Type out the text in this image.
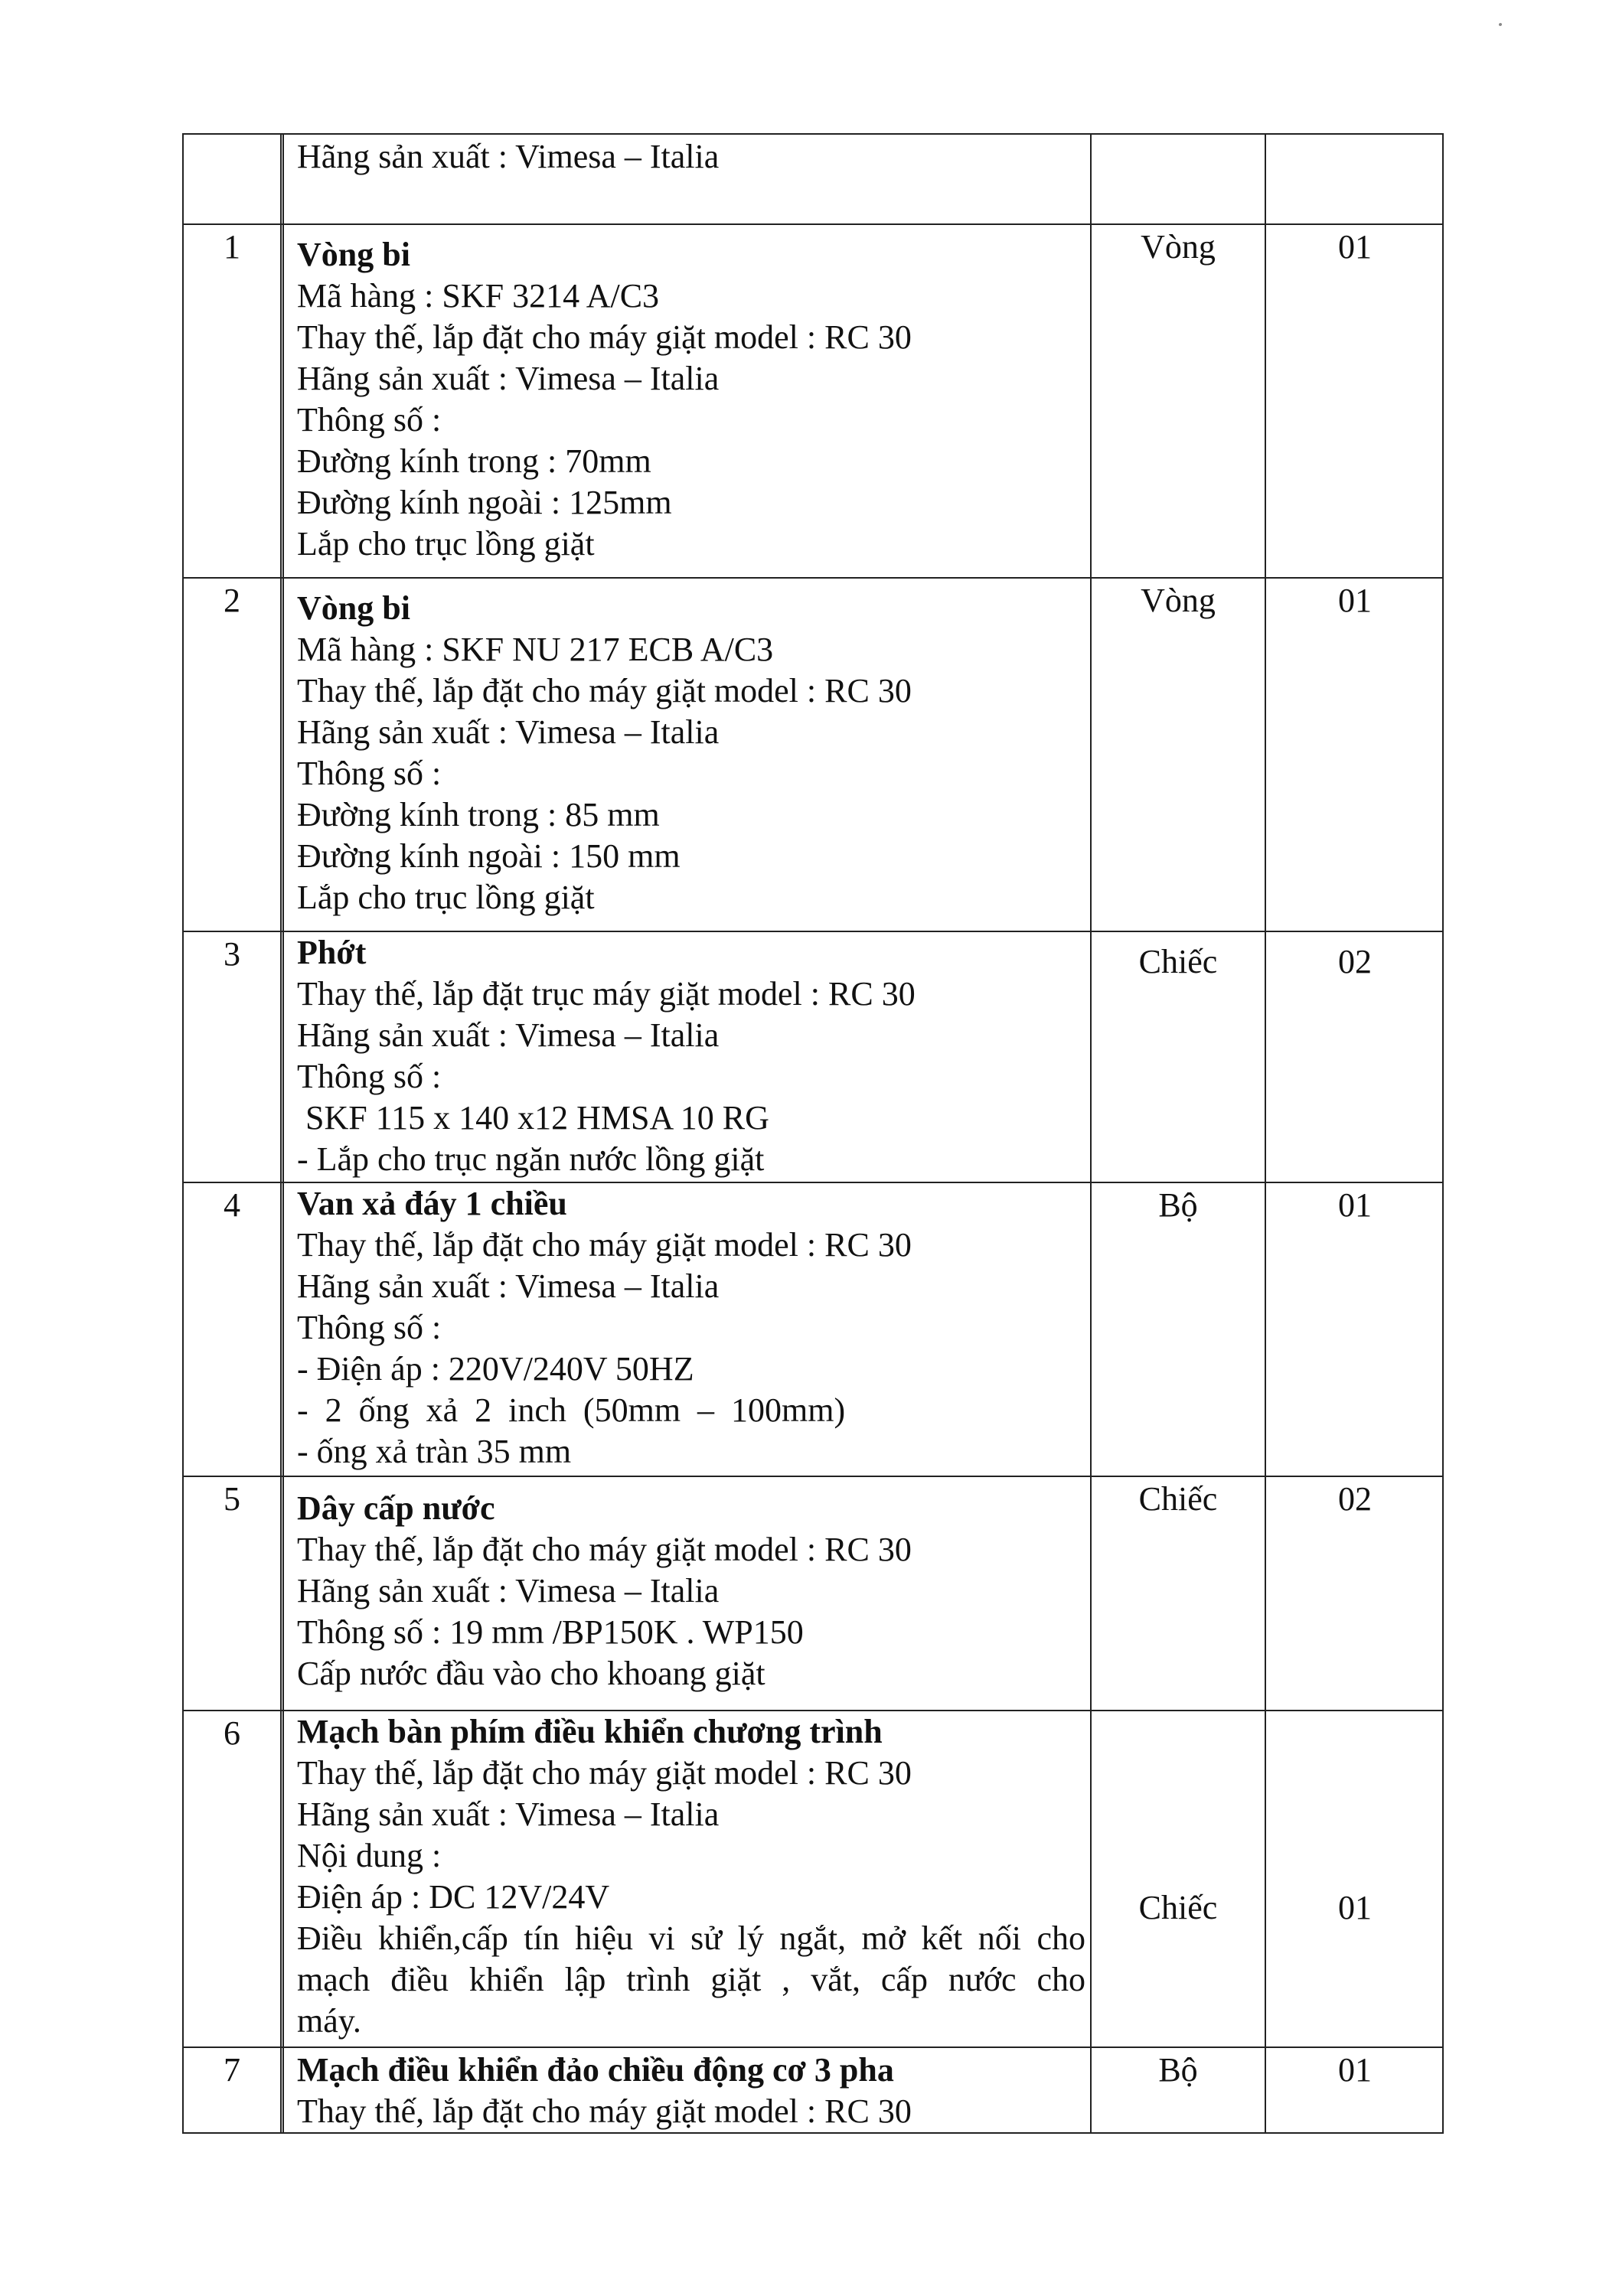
Hãng sản xuất : Vimesa – Italia
1	Vòng bi
Mã hàng : SKF 3214 A/C3
Thay thế, lắp đặt cho máy giặt model : RC 30
Hãng sản xuất : Vimesa – Italia
Thông số :
Đường kính trong : 70mm
Đường kính ngoài : 125mm
Lắp cho trục lồng giặt
Vòng	01
2	Vòng bi
Mã hàng : SKF NU 217 ECB A/C3
Thay thế, lắp đặt cho máy giặt model : RC 30
Hãng sản xuất : Vimesa – Italia
Thông số :
Đường kính trong : 85 mm
Đường kính ngoài : 150 mm
Lắp cho trục lồng giặt
Vòng	01
3	Phớt
Thay thế, lắp đặt trục máy giặt model : RC 30
Hãng sản xuất : Vimesa – Italia
Thông số :
SKF 115 x 140 x12 HMSA 10 RG
- Lắp cho trục ngăn nước lồng giặt
Chiếc	02
4	Van xả đáy 1 chiều
Thay thế, lắp đặt cho máy giặt model : RC 30
Hãng sản xuất : Vimesa – Italia
Thông số :
- Điện áp : 220V/240V 50HZ
-  2  ống  xả  2  inch  (50mm  –  100mm)
- ống xả tràn 35 mm
Bộ	01
5	Dây cấp nước
Thay thế, lắp đặt cho máy giặt model : RC 30
Hãng sản xuất : Vimesa – Italia
Thông số : 19 mm /BP150K . WP150
Cấp nước đầu vào cho khoang giặt
Chiếc	02
6	Mạch bàn phím điều khiển chương trình
Thay thế, lắp đặt cho máy giặt model : RC 30
Hãng sản xuất : Vimesa – Italia
Nội dung :
Điện áp : DC 12V/24V
Điều khiển,cấp tín hiệu vi sử lý ngắt, mở kết nối cho
mạch điều khiển lập trình giặt , vắt, cấp nước cho
máy.
Chiếc	01
7	Mạch điều khiển đảo chiều động cơ 3 pha
Thay thế, lắp đặt cho máy giặt model : RC 30
Bộ	01
